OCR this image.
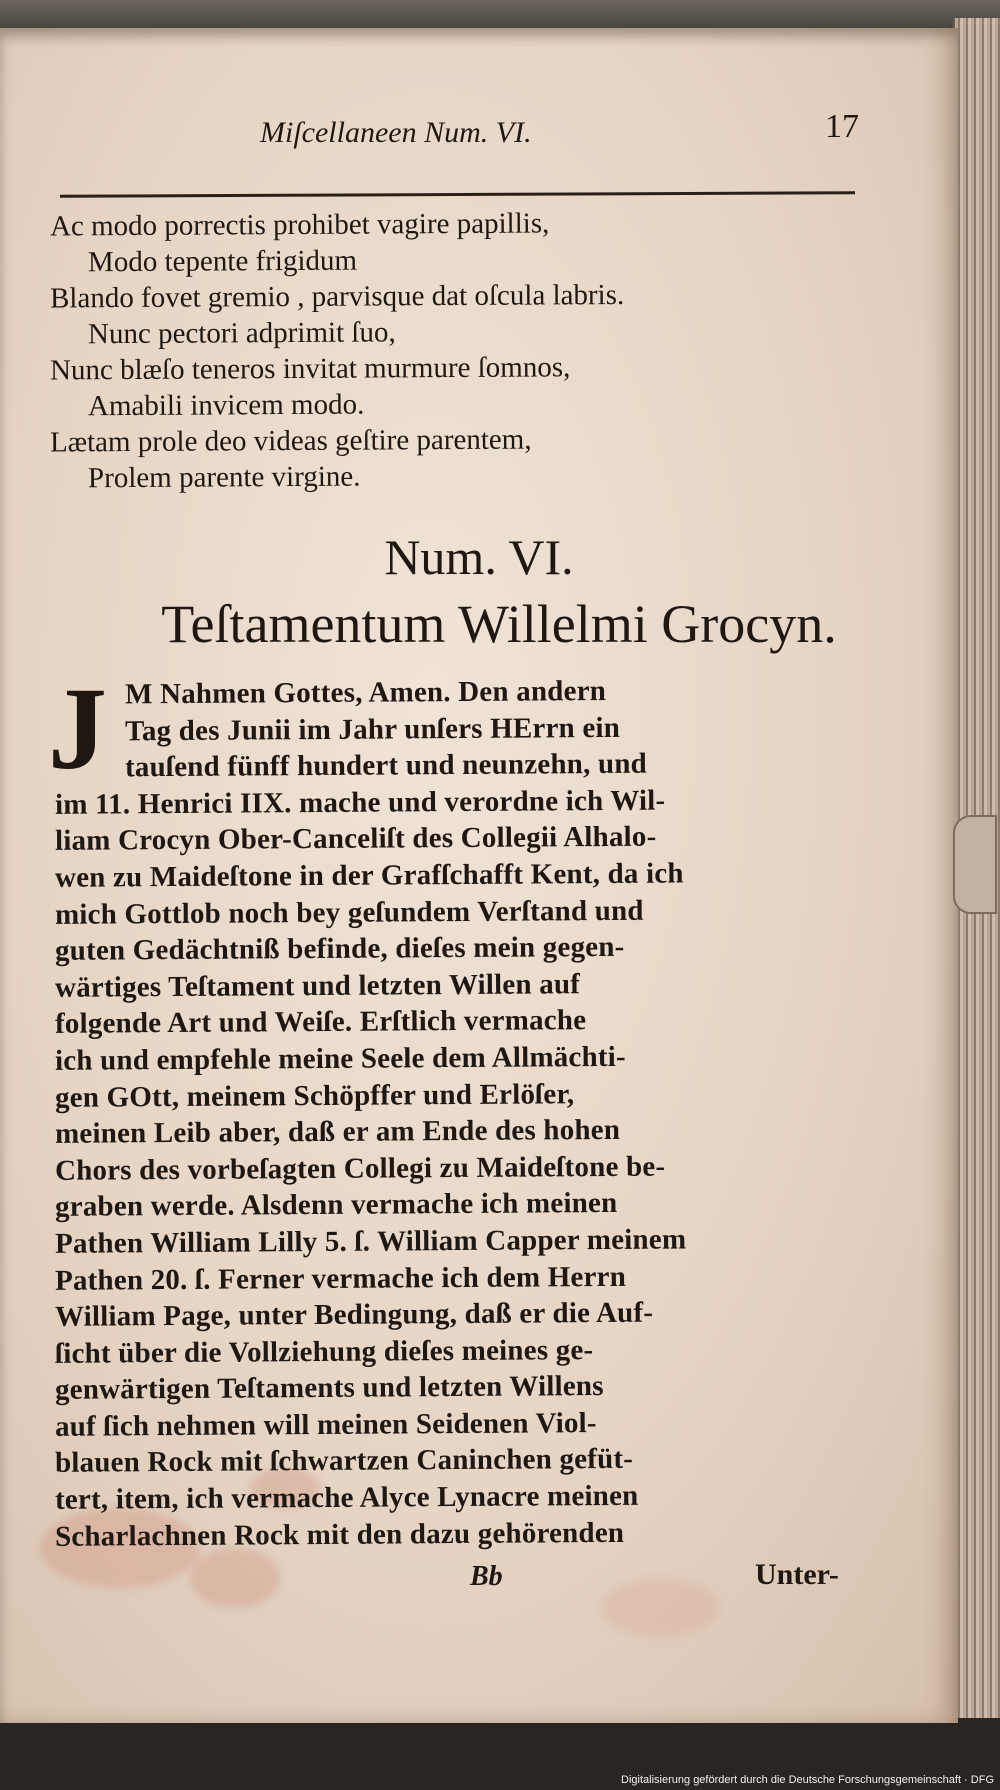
Miſcellaneen Num. VI.	17
Ac modo porrectis prohibet vagire papillis,
Modo tepente frigidum
Blando fovet gremio , parvisque dat oſcula labris.
Nunc pectori adprimit ſuo,
Nunc blæſo teneros invitat murmure ſomnos,
Amabili invicem modo.
Lætam prole deo videas geſtire parentem,
Prolem parente virgine.
Num. VI.
Teſtamentum Willelmi Grocyn.
J M Nahmen Gottes, Amen. Den andern
Tag des Junii im Jahr unſers HErrn ein
tauſend fünff hundert und neunzehn, und
im 11. Henrici IIX. mache und verordne ich Wil-
liam Crocyn Ober-Canceliſt des Collegii Alhalo-
wen zu Maideſtone in der Grafſchafft Kent, da ich
mich Gottlob noch bey geſundem Verſtand und
guten Gedächtniß befinde, dieſes mein gegen-
wärtiges Teſtament und letzten Willen auf
folgende Art und Weiſe. Erſtlich vermache
ich und empfehle meine Seele dem Allmächti-
gen GOtt, meinem Schöpffer und Erlöſer,
meinen Leib aber, daß er am Ende des hohen
Chors des vorbeſagten Collegi zu Maideſtone be-
graben werde. Alsdenn vermache ich meinen
Pathen William Lilly 5. ſ. William Capper meinem
Pathen 20. ſ. Ferner vermache ich dem Herrn
William Page, unter Bedingung, daß er die Auf-
ſicht über die Vollziehung dieſes meines ge-
genwärtigen Teſtaments und letzten Willens
auf ſich nehmen will meinen Seidenen Viol-
blauen Rock mit ſchwartzen Caninchen gefüt-
tert, item, ich vermache Alyce Lynacre meinen
Scharlachnen Rock mit den dazu gehörenden
Bb	Unter-
Digitalisierung gefördert durch die Deutsche Forschungsgemeinschaft · DFG
